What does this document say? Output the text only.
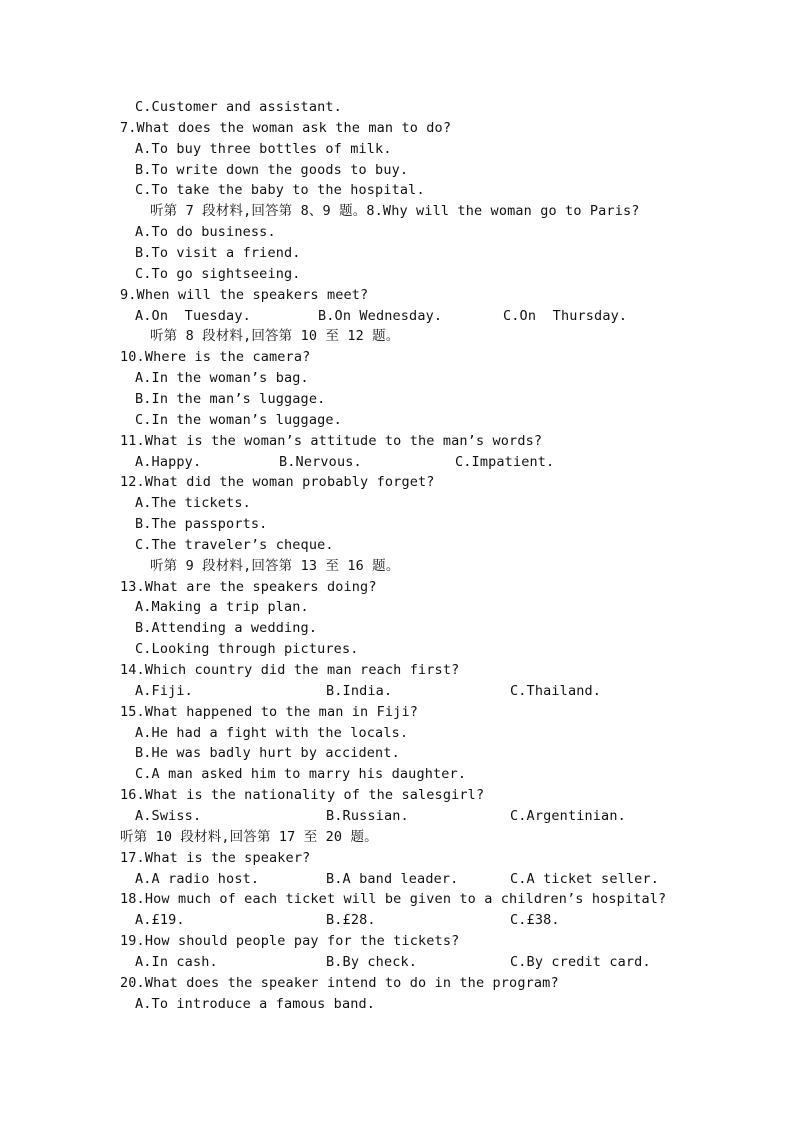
C.Customer and assistant.
7.What does the woman ask the man to do?
A.To buy three bottles of milk.
B.To write down the goods to buy.
C.To take the baby to the hospital.
听第 7 段材料,回答第 8、9 题。8.Why will the woman go to Paris?
A.To do business.
B.To visit a friend.
C.To go sightseeing.
9.When will the speakers meet?
A.On  Tuesday.	B.On Wednesday.	C.On  Thursday.
听第 8 段材料,回答第 10 至 12 题。
10.Where is the camera?
A.In the woman’s bag.
B.In the man’s luggage.
C.In the woman’s luggage.
11.What is the woman’s attitude to the man’s words?
A.Happy.	B.Nervous.	C.Impatient.
12.What did the woman probably forget?
A.The tickets.
B.The passports.
C.The traveler’s cheque.
听第 9 段材料,回答第 13 至 16 题。
13.What are the speakers doing?
A.Making a trip plan.
B.Attending a wedding.
C.Looking through pictures.
14.Which country did the man reach first?
A.Fiji.	B.India.	C.Thailand.
15.What happened to the man in Fiji?
A.He had a fight with the locals.
B.He was badly hurt by accident.
C.A man asked him to marry his daughter.
16.What is the nationality of the salesgirl?
A.Swiss.	B.Russian.	C.Argentinian.
听第 10 段材料,回答第 17 至 20 题。
17.What is the speaker?
A.A radio host.	B.A band leader.	C.A ticket seller.
18.How much of each ticket will be given to a children’s hospital?
A.£19.	B.£28.	C.£38.
19.How should people pay for the tickets?
A.In cash.	B.By check.	C.By credit card.
20.What does the speaker intend to do in the program?
A.To introduce a famous band.
